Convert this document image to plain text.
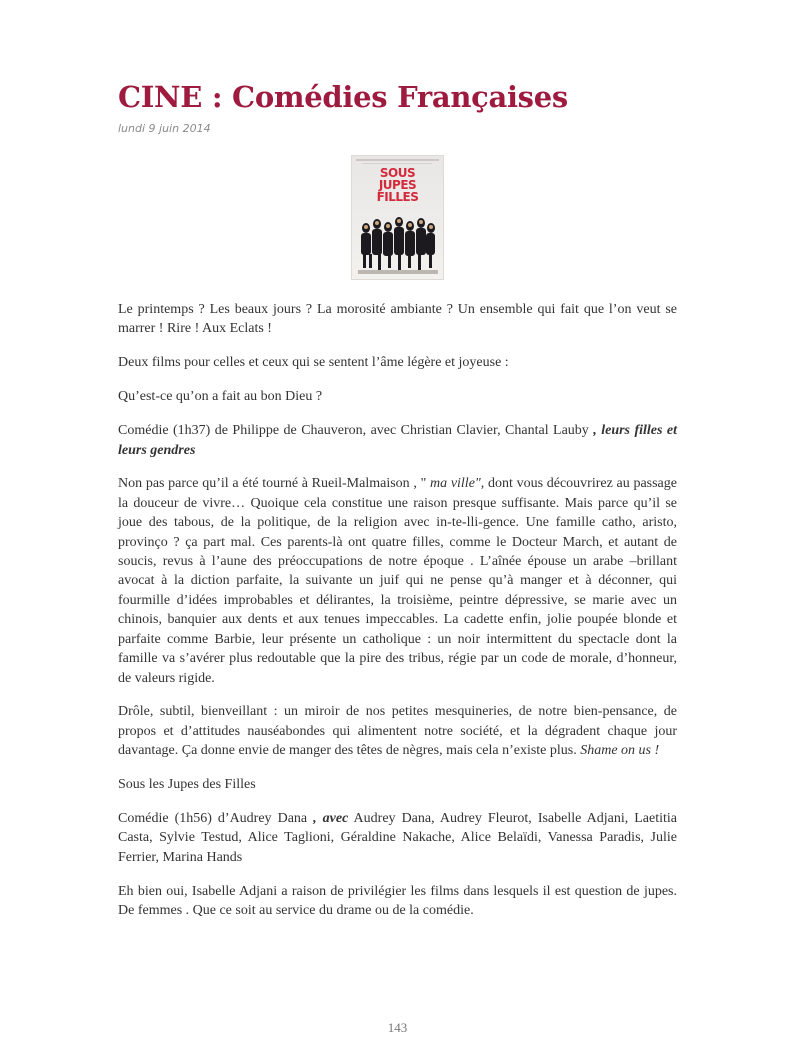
CINE : Comédies Françaises
lundi 9 juin 2014
SOUS
JUPES
FILLES

Le printemps ? Les beaux jours ? La morosité ambiante ? Un ensemble qui fait que l’on veut se marrer ! Rire ! Aux Eclats !

Deux films pour celles et ceux qui se sentent l’âme légère et joyeuse :

Qu’est-ce qu’on a fait au bon Dieu ?

Comédie (1h37) de Philippe de Chauveron, avec Christian Clavier, Chantal Lauby , leurs filles et leurs gendres

Non pas parce qu’il a été tourné à Rueil-Malmaison , " ma ville", dont vous découvrirez au passage la douceur de vivre… Quoique cela constitue une raison presque suffisante. Mais parce qu’il se joue des tabous, de la politique, de la religion avec in-te-lli-gence. Une famille catho, aristo, provinço ? ça part mal. Ces parents-là ont quatre filles, comme le Docteur March, et autant de soucis, revus à l’aune des préoccupations de notre époque . L’aînée épouse un arabe –brillant avocat à la diction parfaite, la suivante un juif qui ne pense qu’à manger et à déconner, qui fourmille d’idées improbables et délirantes, la troisième, peintre dépressive, se marie avec un chinois, banquier aux dents et aux tenues impeccables. La cadette enfin, jolie poupée blonde et parfaite comme Barbie, leur présente un catholique : un noir intermittent du spectacle dont la famille va s’avérer plus redoutable que la pire des tribus, régie par un code de morale, d’honneur, de valeurs rigide.

Drôle, subtil, bienveillant : un miroir de nos petites mesquineries, de notre bien-pensance, de propos et d’attitudes nauséabondes qui alimentent notre société, et la dégradent chaque jour davantage. Ça donne envie de manger des têtes de nègres, mais cela n’existe plus. Shame on us !

Sous les Jupes des Filles

Comédie (1h56) d’Audrey Dana , avec Audrey Dana, Audrey Fleurot, Isabelle Adjani, Laetitia Casta, Sylvie Testud, Alice Taglioni, Géraldine Nakache, Alice Belaïdi, Vanessa Paradis, Julie Ferrier, Marina Hands

Eh bien oui, Isabelle Adjani a raison de privilégier les films dans lesquels il est question de jupes. De femmes . Que ce soit au service du drame ou de la comédie.

143
